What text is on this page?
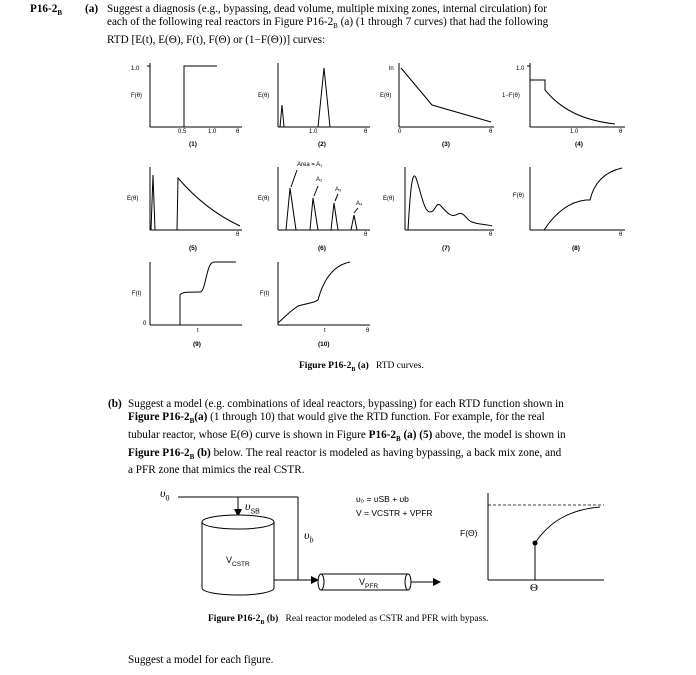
$P16-2_B$ (a) Suggest a diagnosis (e.g., bypassing, dead volume, multiple mixing zones, internal circulation) for
each of the following real reactors in Figure $P16-2_B$ (a) (1 through 7 curves) that had the following
RTD [E(t), E(Θ), F(t), F(Θ) or (1−F(Θ))] curves:
1.0
F(θ)
0.5	1.0	θ
(1)
E(θ)
1.0	θ
(2)
ln
E(θ)
0	θ
(3)
1.0
1−F(θ)
1.0	θ
(4)
E(θ)
θ
(5)
E(θ)
Area = A₁
A₂
A₃
A₄
θ
(6)
E(θ)
θ
(7)
F(θ)
θ
(8)
F(t)
0
t
(9)
F(t)
t	θ
(10)
Figure $P16-2_B$ (a) RTD curves.
(b) Suggest a model (e.g. combinations of ideal reactors, bypassing) for each RTD function shown in
Figure $P16-2_B(a)$ (1 through 10) that would give the RTD function. For example, for the real
tubular reactor, whose E(Θ) curve is shown in Figure $P16-2_B$ (a) (5) above, the model is shown in
Figure $P16-2_B$ (b) below. The real reactor is modeled as having bypassing, a back mix zone, and
a PFR zone that mimics the real CSTR.
$\upsilon_0$
$\upsilon_{SB}$
$\upsilon_b$
$V_{CSTR}$
$V_{PFR}$
υ₀ = υSB + υb
V = VCSTR + VPFR
F(Θ)
Θ
Figure $P16-2_B$ (b) Real reactor modeled as CSTR and PFR with bypass.
Suggest a model for each figure.
